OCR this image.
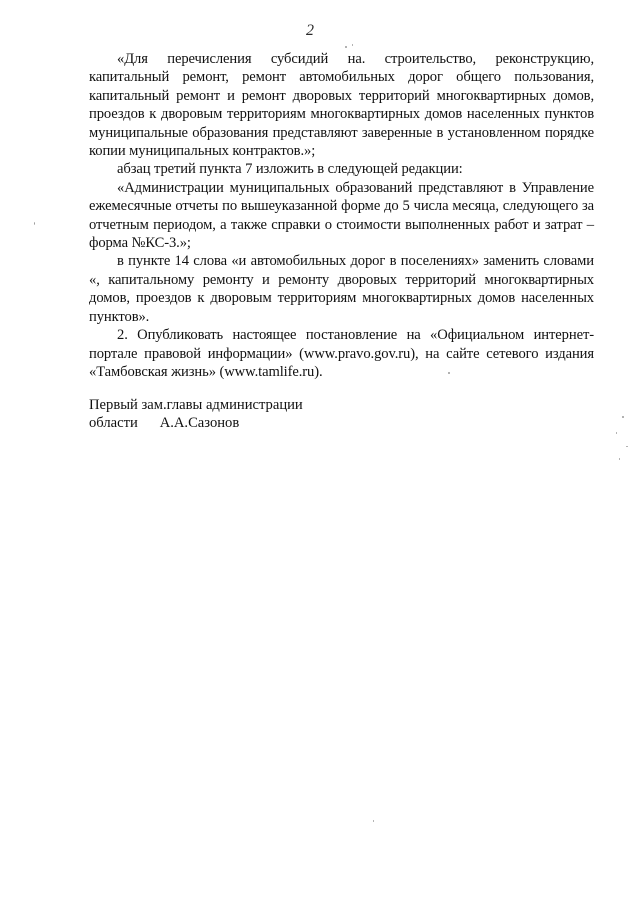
2

«Для перечисления субсидий на. строительство, реконструкцию, капитальный ремонт, ремонт автомобильных дорог общего пользования, капитальный ремонт и ремонт дворовых территорий многоквартирных домов, проездов к дворовым территориям многоквартирных домов населенных пунктов муниципальные образования представляют заверенные в установленном порядке копии муниципальных контрактов.»;

абзац третий пункта 7 изложить в следующей редакции:

«Администрации муниципальных образований представляют в Управление ежемесячные отчеты по вышеуказанной форме до 5 числа месяца, следующего за отчетным периодом, а также справки о стоимости выполненных работ и затрат – форма №КС-3.»;

в пункте 14 слова «и автомобильных дорог в поселениях» заменить словами «, капитальному ремонту и ремонту дворовых территорий многоквартирных домов, проездов к дворовым территориям многоквартирных домов населенных пунктов».

2. Опубликовать настоящее постановление на «Официальном интернет-портале правовой информации» (www.pravo.gov.ru), на сайте сетевого издания «Тамбовская жизнь» (www.tamlife.ru).

Первый зам.главы администрации
области А.А.Сазонов
